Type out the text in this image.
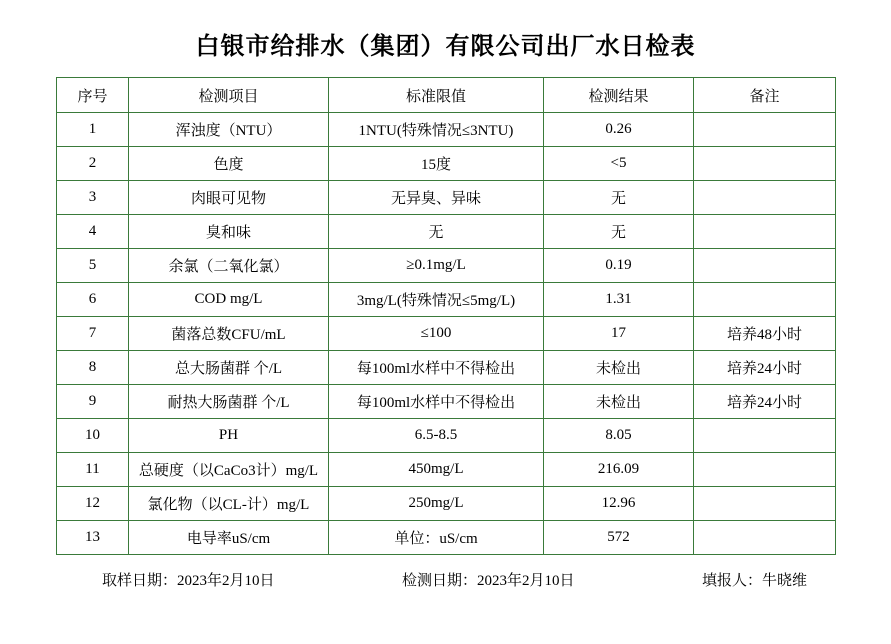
白银市给排水（集团）有限公司出厂水日检表
序号	检测项目	标准限值	检测结果	备注
1	浑浊度（NTU）	1NTU(特殊情况≤3NTU)	0.26	
2	色度	15度	<5	
3	肉眼可见物	无异臭、异味	无	
4	臭和味	无	无	
5	余氯（二氧化氯）	≥0.1mg/L	0.19	
6	COD mg/L	3mg/L(特殊情况≤5mg/L)	1.31	
7	菌落总数CFU/mL	≤100	17	培养48小时
8	总大肠菌群 个/L	每100ml水样中不得检出	未检出	培养24小时
9	耐热大肠菌群 个/L	每100ml水样中不得检出	未检出	培养24小时
10	PH	6.5-8.5	8.05	
11	总硬度（以CaCo3计）mg/L	450mg/L	216.09	
12	氯化物（以CL-计）mg/L	250mg/L	12.96	
13	电导率uS/cm	单位：uS/cm	572	
取样日期：2023年2月10日	检测日期：2023年2月10日	填报人：牛晓维
